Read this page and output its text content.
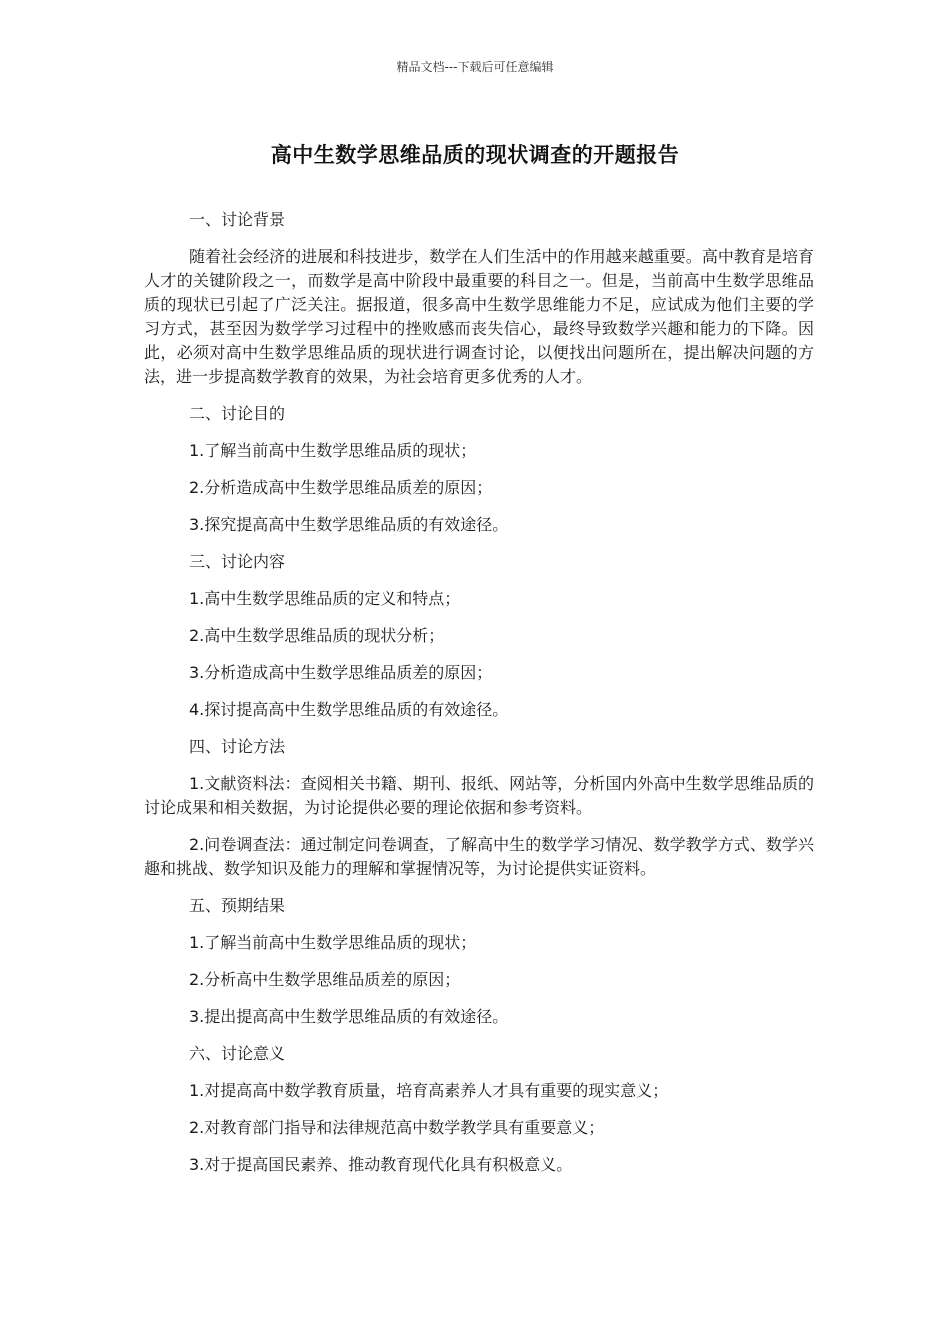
精品文档---下载后可任意编辑
高中生数学思维品质的现状调查的开题报告

一、讨论背景

随着社会经济的进展和科技进步，数学在人们生活中的作用越来越重要。高中教育是培育人才的关键阶段之一，而数学是高中阶段中最重要的科目之一。但是，当前高中生数学思维品质的现状已引起了广泛关注。据报道，很多高中生数学思维能力不足，应试成为他们主要的学习方式，甚至因为数学学习过程中的挫败感而丧失信心，最终导致数学兴趣和能力的下降。因此，必须对高中生数学思维品质的现状进行调查讨论，以便找出问题所在，提出解决问题的方法，进一步提高数学教育的效果，为社会培育更多优秀的人才。

二、讨论目的

1.了解当前高中生数学思维品质的现状；

2.分析造成高中生数学思维品质差的原因；

3.探究提高高中生数学思维品质的有效途径。

三、讨论内容

1.高中生数学思维品质的定义和特点；

2.高中生数学思维品质的现状分析；

3.分析造成高中生数学思维品质差的原因；

4.探讨提高高中生数学思维品质的有效途径。

四、讨论方法

1.文献资料法：查阅相关书籍、期刊、报纸、网站等，分析国内外高中生数学思维品质的讨论成果和相关数据，为讨论提供必要的理论依据和参考资料。

2.问卷调查法：通过制定问卷调查，了解高中生的数学学习情况、数学教学方式、数学兴趣和挑战、数学知识及能力的理解和掌握情况等，为讨论提供实证资料。

五、预期结果

1.了解当前高中生数学思维品质的现状；

2.分析高中生数学思维品质差的原因；

3.提出提高高中生数学思维品质的有效途径。

六、讨论意义

1.对提高高中数学教育质量，培育高素养人才具有重要的现实意义；

2.对教育部门指导和法律规范高中数学教学具有重要意义；

3.对于提高国民素养、推动教育现代化具有积极意义。
